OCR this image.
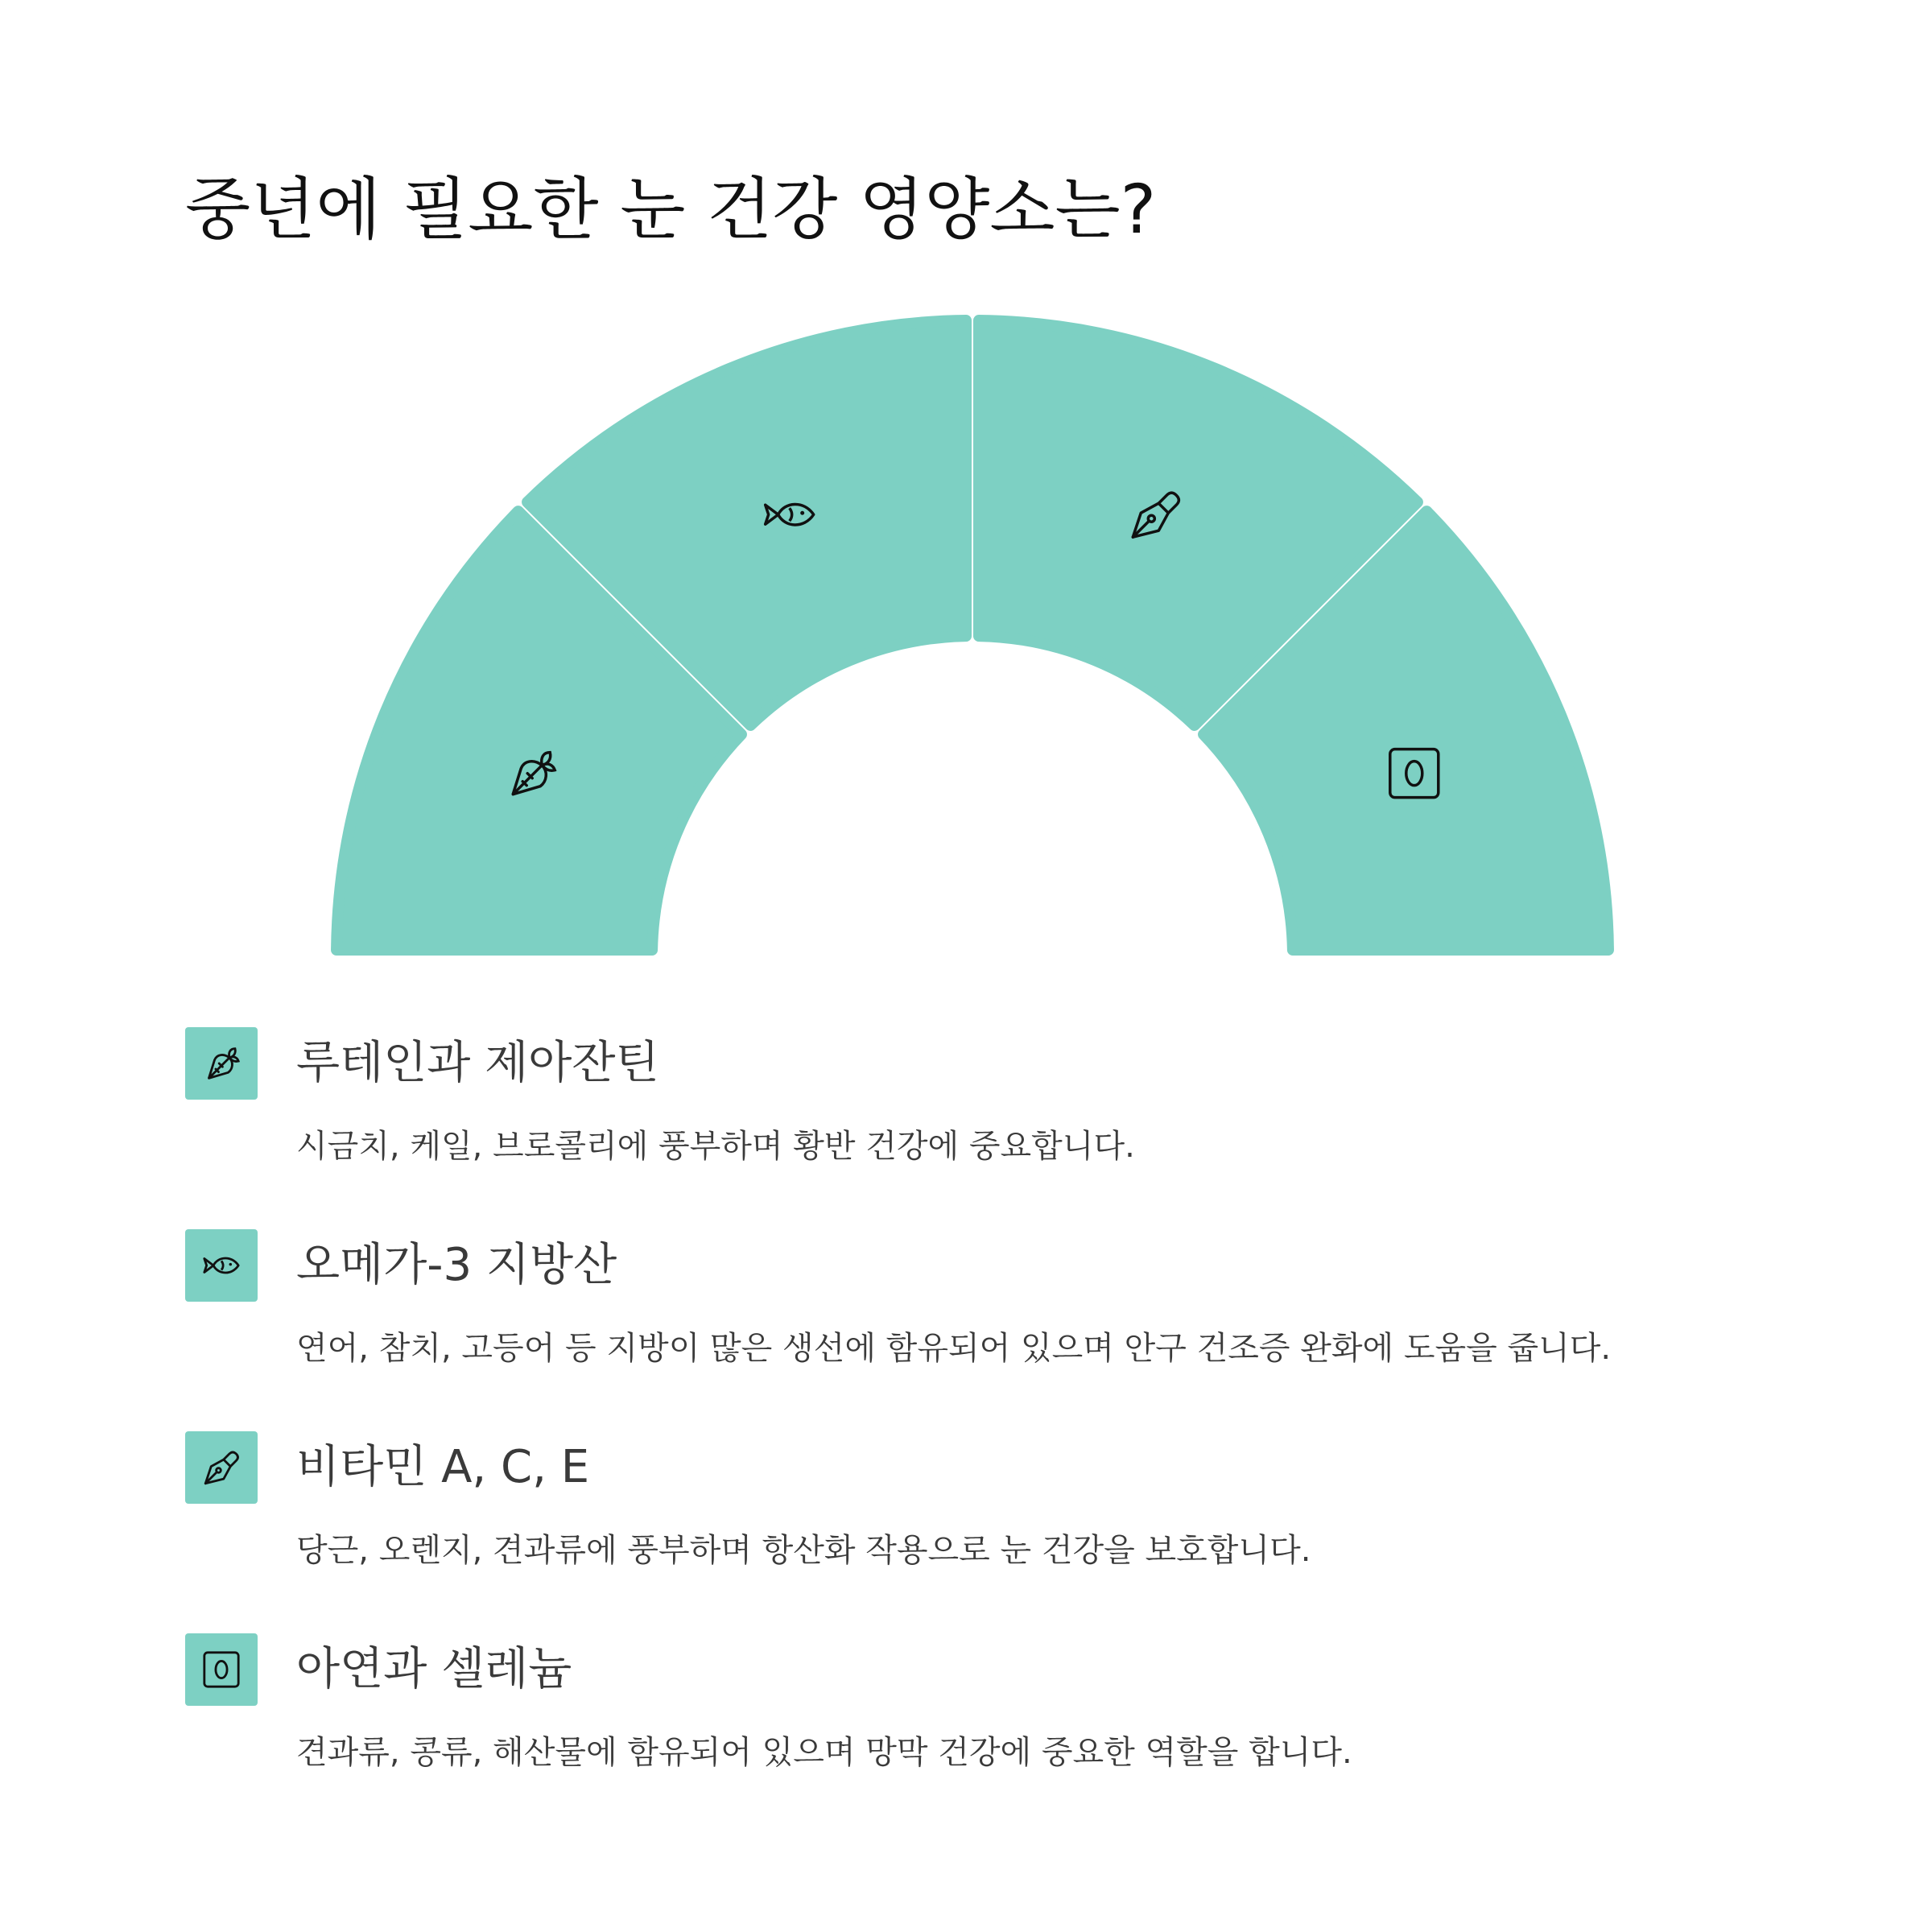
중년에 필요한 눈 건강 영양소는?
루테인과 제아잔틴
시금치, 케일, 브로콜리에 풍부하며 황반 건강에 중요합니다.
오메가-3 지방산
연어, 참치, 고등어 등 지방이 많은 생선에 함유되어 있으며 안구 건조증 완화에 도움을 줍니다.
비타민 A, C, E
당근, 오렌지, 견과류에 풍부하며 항산화 작용으로 눈 건강을 보호합니다.
아연과 셀레늄
견과류, 콩류, 해산물에 함유되어 있으며 망막 건강에 중요한 역할을 합니다.
